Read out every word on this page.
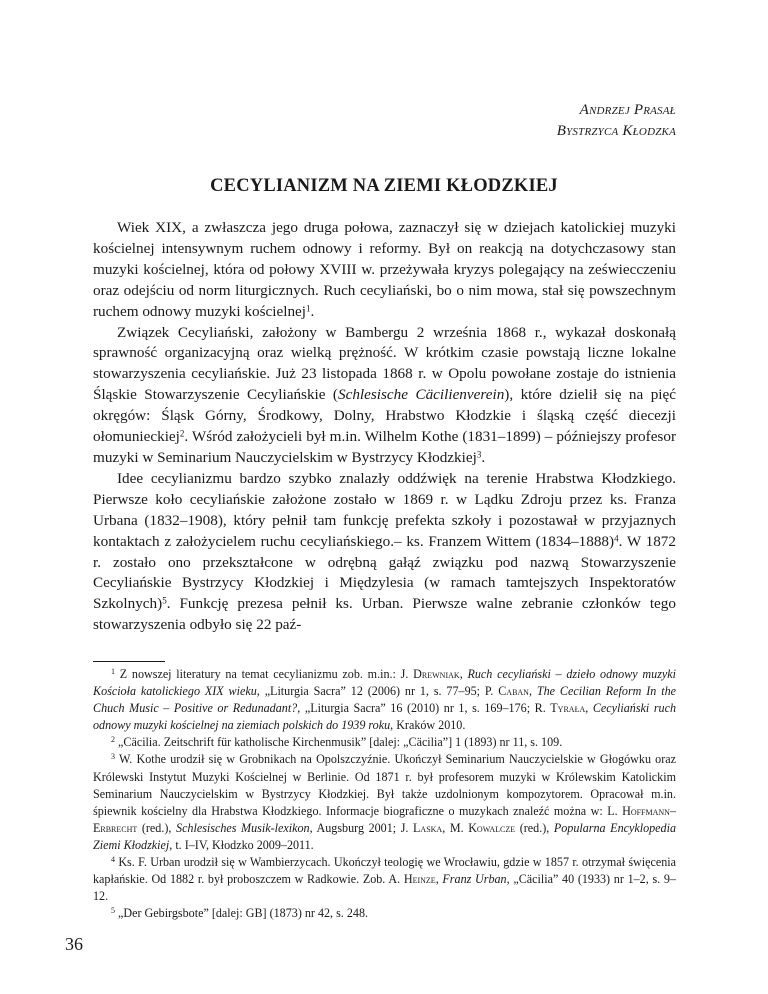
Andrzej Prasał
Bystrzyca Kłodzka
CECYLIANIZM NA ZIEMI KŁODZKIEJ

Wiek XIX, a zwłaszcza jego druga połowa, zaznaczył się w dziejach katolickiej muzyki kościelnej intensywnym ruchem odnowy i reformy. Był on reakcją na dotychczasowy stan muzyki kościelnej, która od połowy XVIII w. przeżywała kryzys polegający na zeświecczeniu oraz odejściu od norm liturgicznych. Ruch cecyliański, bo o nim mowa, stał się powszechnym ruchem odnowy muzyki kościelnej$^1$.

Związek Cecyliański, założony w Bambergu 2 września 1868 r., wykazał doskonałą sprawność organizacyjną oraz wielką prężność. W krótkim czasie powstają liczne lokalne stowarzyszenia cecyliańskie. Już 23 listopada 1868 r. w Opolu powołane zostaje do istnienia Śląskie Stowarzyszenie Cecyliańskie (Schlesische Cäcilienverein), które dzielił się na pięć okręgów: Śląsk Górny, Środkowy, Dolny, Hrabstwo Kłodzkie i śląską część diecezji ołomunieckiej$^2$. Wśród założycieli był m.in. Wilhelm Kothe (1831–1899) – późniejszy profesor muzyki w Seminarium Nauczycielskim w Bystrzycy Kłodzkiej$^3$.

Idee cecylianizmu bardzo szybko znalazły oddźwięk na terenie Hrabstwa Kłodzkiego. Pierwsze koło cecyliańskie założone zostało w 1869 r. w Lądku Zdroju przez ks. Franza Urbana (1832–1908), który pełnił tam funkcję prefekta szkoły i pozostawał w przyjaznych kontaktach z założycielem ruchu cecyliańskiego.– ks. Franzem Wittem (1834–1888)$^4$. W 1872 r. zostało ono przekształcone w odrębną gałąź związku pod nazwą Stowarzyszenie Cecyliańskie Bystrzycy Kłodzkiej i Międzylesia (w ramach tamtejszych Inspektoratów Szkolnych)$^5$. Funkcję prezesa pełnił ks. Urban. Pierwsze walne zebranie członków tego stowarzyszenia odbyło się 22 paź-

$^1$ Z nowszej literatury na temat cecylianizmu zob. m.in.: J. Drewniak, Ruch cecyliański – dzieło odnowy muzyki Kościoła katolickiego XIX wieku, „Liturgia Sacra” 12 (2006) nr 1, s. 77–95; P. Caban, The Cecilian Reform In the Chuch Music – Positive or Redunadant?, „Liturgia Sacra” 16 (2010) nr 1, s. 169–176; R. Tyrała, Cecyliański ruch odnowy muzyki kościelnej na ziemiach polskich do 1939 roku, Kraków 2010.

$^2$ „Cäcilia. Zeitschrift für katholische Kirchenmusik” [dalej: „Cäcilia”] 1 (1893) nr 11, s. 109.

$^3$ W. Kothe urodził się w Grobnikach na Opolszczyźnie. Ukończył Seminarium Nauczycielskie w Głogówku oraz Królewski Instytut Muzyki Kościelnej w Berlinie. Od 1871 r. był profesorem muzyki w Królewskim Katolickim Seminarium Nauczycielskim w Bystrzycy Kłodzkiej. Był także uzdolnionym kompozytorem. Opracował m.in. śpiewnik kościelny dla Hrabstwa Kłodzkiego. Informacje biograficzne o muzykach znaleźć można w: L. Hoffmann–Erbrecht (red.), Schlesisches Musik-lexikon, Augsburg 2001; J. Laska, M. Kowalcze (red.), Popularna Encyklopedia Ziemi Kłodzkiej, t. I–IV, Kłodzko 2009–2011.

$^4$ Ks. F. Urban urodził się w Wambierzycach. Ukończył teologię we Wrocławiu, gdzie w 1857 r. otrzymał święcenia kapłańskie. Od 1882 r. był proboszczem w Radkowie. Zob. A. Heinze, Franz Urban, „Cäcilia” 40 (1933) nr 1–2, s. 9–12.

$^5$ „Der Gebirgsbote” [dalej: GB] (1873) nr 42, s. 248.

36
